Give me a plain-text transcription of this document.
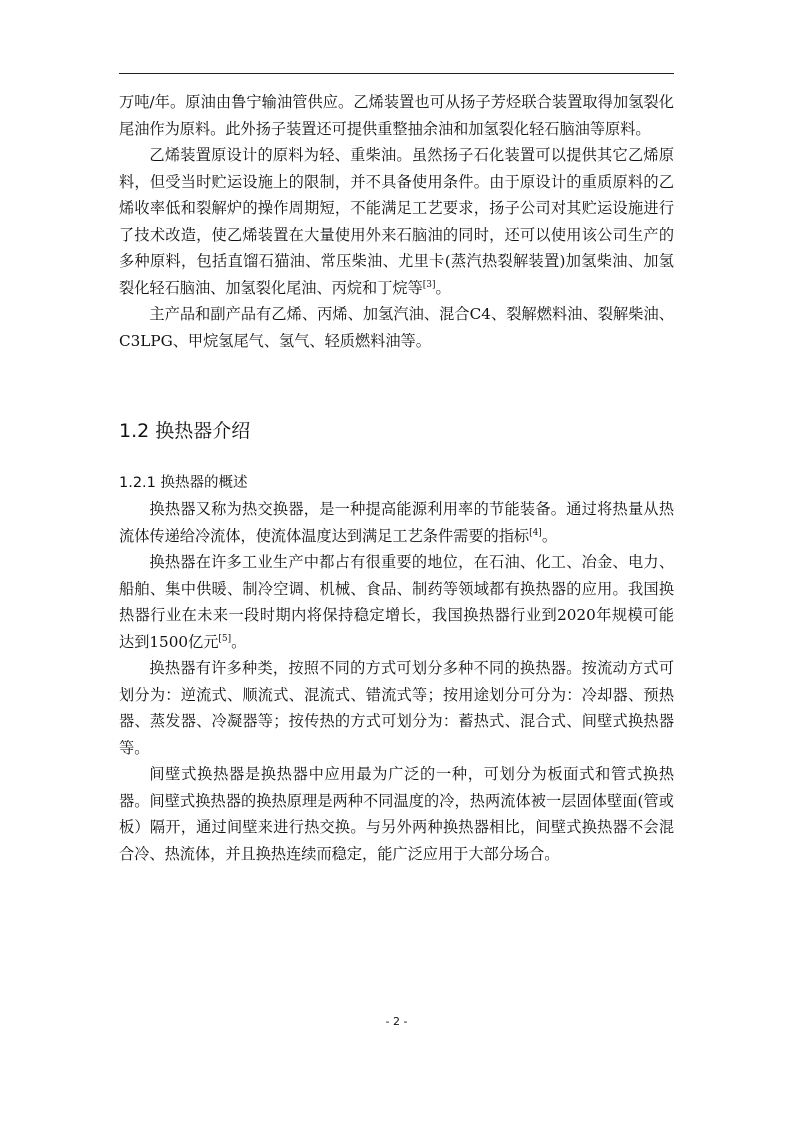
万吨/年。原油由鲁宁输油管供应。乙烯装置也可从扬子芳烃联合装置取得加氢裂化尾油作为原料。此外扬子装置还可提供重整抽余油和加氢裂化轻石脑油等原料。

乙烯装置原设计的原料为轻、重柴油。虽然扬子石化装置可以提供其它乙烯原料，但受当时贮运设施上的限制，并不具备使用条件。由于原设计的重质原料的乙烯收率低和裂解炉的操作周期短，不能满足工艺要求，扬子公司对其贮运设施进行了技术改造，使乙烯装置在大量使用外来石脑油的同时，还可以使用该公司生产的多种原料，包括直馏石猫油、常压柴油、尤里卡(蒸汽热裂解装置)加氢柴油、加氢裂化轻石脑油、加氢裂化尾油、丙烷和丁烷等[3]。

主产品和副产品有乙烯、丙烯、加氢汽油、混合C4、裂解燃料油、裂解柴油、C3LPG、甲烷氢尾气、氢气、轻质燃料油等。

1.2 换热器介绍
1.2.1 换热器的概述

换热器又称为热交换器，是一种提高能源利用率的节能装备。通过将热量从热流体传递给冷流体，使流体温度达到满足工艺条件需要的指标[4]。

换热器在许多工业生产中都占有很重要的地位，在石油、化工、冶金、电力、船舶、集中供暖、制冷空调、机械、食品、制药等领域都有换热器的应用。我国换热器行业在未来一段时期内将保持稳定增长，我国换热器行业到2020年规模可能达到1500亿元[5]。

换热器有许多种类，按照不同的方式可划分多种不同的换热器。按流动方式可划分为：逆流式、顺流式、混流式、错流式等；按用途划分可分为：冷却器、预热器、蒸发器、冷凝器等；按传热的方式可划分为：蓄热式、混合式、间壁式换热器等。

间壁式换热器是换热器中应用最为广泛的一种，可划分为板面式和管式换热器。间壁式换热器的换热原理是两种不同温度的冷，热两流体被一层固体壁面(管或板）隔开，通过间壁来进行热交换。与另外两种换热器相比，间壁式换热器不会混合冷、热流体，并且换热连续而稳定，能广泛应用于大部分场合。

- 2 -
